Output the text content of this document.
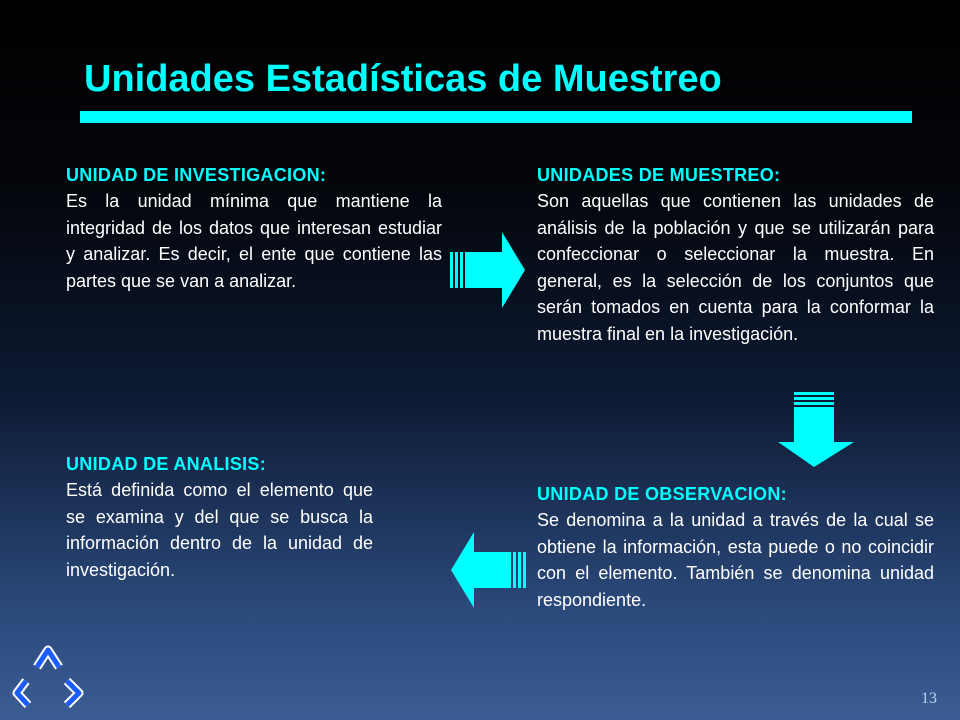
Unidades Estadísticas de Muestreo
UNIDAD DE INVESTIGACION:

Es la unidad mínima que mantiene la integridad de los datos que interesan estudiar y analizar. Es decir, el ente que contiene las partes que se van a analizar.

UNIDADES DE MUESTREO:

Son aquellas que contienen las unidades de análisis de la población y que se utilizarán para confeccionar o seleccionar la muestra. En general, es la selección de los conjuntos que serán tomados en cuenta para la conformar la muestra final en la investigación.

UNIDAD DE ANALISIS:

Está definida como el elemento que se examina y del que se busca la información dentro de la unidad de investigación.

UNIDAD DE OBSERVACION:

Se denomina a la unidad a través de la cual se obtiene la información, esta puede o no coincidir con el elemento. También se denomina unidad respondiente.

13
